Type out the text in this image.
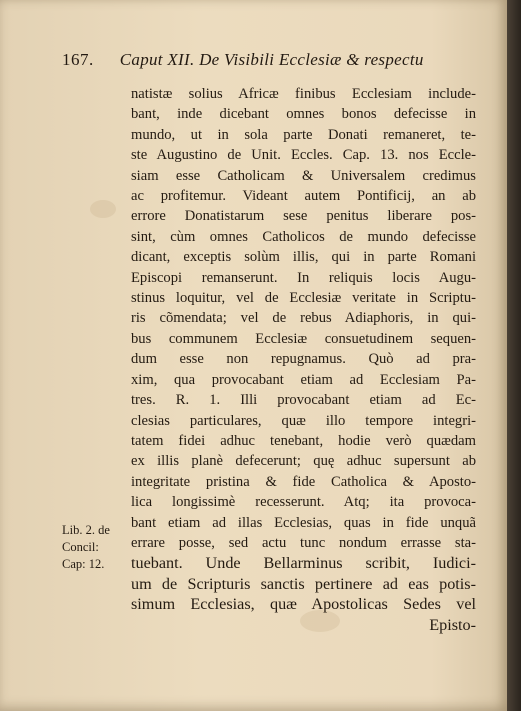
167. Caput XII. De Visibili Ecclesiæ & respectu
natistæ solius Africæ finibus Ecclesiam include-
bant, inde dicebant omnes bonos defecisse in
mundo, ut in sola parte Donati remaneret, te-
ste Augustino de Unit. Eccles. Cap. 13. nos Eccle-
siam esse Catholicam & Universalem credimus
ac profitemur. Videant autem Pontificij, an ab
errore Donatistarum sese penitus liberare pos-
sint, cùm omnes Catholicos de mundo defecisse
dicant, exceptis solùm illis, qui in parte Romani
Episcopi remanserunt. In reliquis locis Augu-
stinus loquitur, vel de Ecclesiæ veritate in Scriptu-
ris cõmendata; vel de rebus Adiaphoris, in qui-
bus communem Ecclesiæ consuetudinem sequen-
dum esse non repugnamus. Quò ad pra-
xim, qua provocabant etiam ad Ecclesiam Pa-
tres. R. 1. Illi provocabant etiam ad Ec-
clesias particulares, quæ illo tempore integri-
tatem fidei adhuc tenebant, hodie verò quædam
ex illis planè defecerunt; quę adhuc supersunt ab
integritate pristina & fide Catholica & Aposto-
lica longissimè recesserunt. Atq; ita provoca-
bant etiam ad illas Ecclesias, quas in fide unquã
errare posse, sed actu tunc nondum errasse sta-
tuebant. Unde Bellarminus scribit, Iudici-
um de Scripturis sanctis pertinere ad eas potis-
simum Ecclesias, quæ Apostolicas Sedes vel
Episto-
Lib. 2. de
Concil:
Cap: 12.
